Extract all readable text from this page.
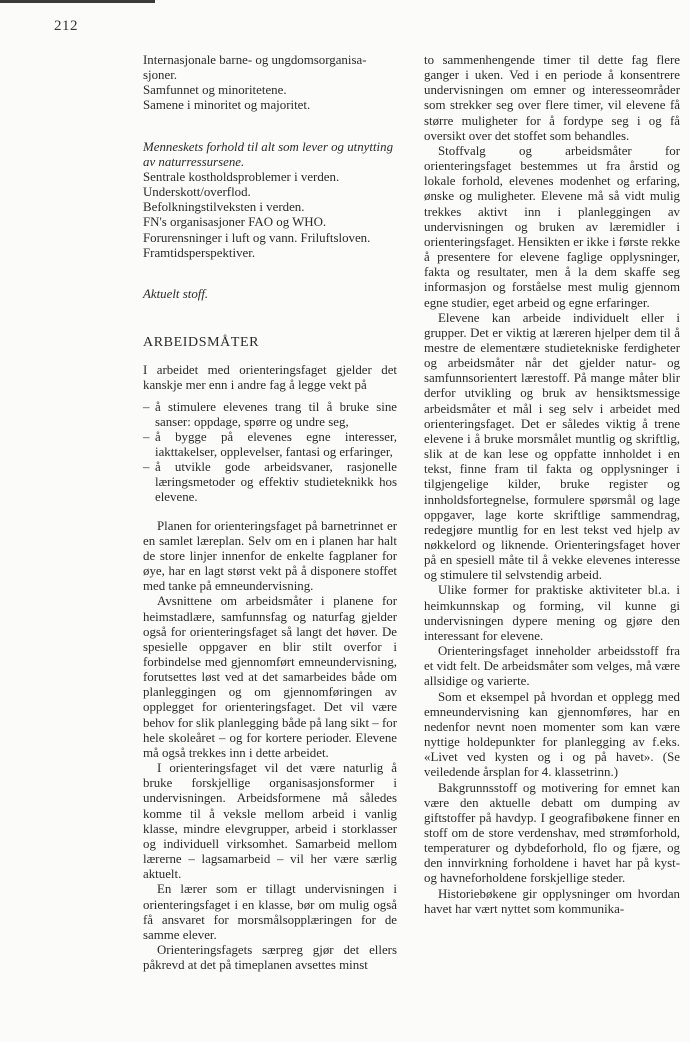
212
Internasjonale barne- og ungdomsorganisa-sjoner.
Samfunnet og minoritetene.
Samene i minoritet og majoritet.

Menneskets forhold til alt som lever og utnytting av naturressursene.

Sentrale kostholdsproblemer i verden.
Underskott/overflod.
Befolkningstilveksten i verden.
FN's organisasjoner FAO og WHO.
Forurensninger i luft og vann. Friluftsloven.
Framtidsperspektiver.

Aktuelt stoff.

ARBEIDSMÅTER

I arbeidet med orienteringsfaget gjelder det kanskje mer enn i andre fag å legge vekt på

– å stimulere elevenes trang til å bruke sine sanser: oppdage, spørre og undre seg,
– å bygge på elevenes egne interesser, iakttakelser, opplevelser, fantasi og erfaringer,
– å utvikle gode arbeidsvaner, rasjonelle læringsmetoder og effektiv studieteknikk hos elevene.

Planen for orienteringsfaget på barnetrinnet er en samlet læreplan. Selv om en i planen har halt de store linjer innenfor de enkelte fagplaner for øye, har en lagt størst vekt på å disponere stoffet med tanke på emneundervisning.

Avsnittene om arbeidsmåter i planene for heimstadlære, samfunnsfag og naturfag gjelder også for orienteringsfaget så langt det høver. De spesielle oppgaver en blir stilt overfor i forbindelse med gjennomført emneundervisning, forutsettes løst ved at det samarbeides både om planleggingen og om gjennomføringen av opplegget for orienteringsfaget. Det vil være behov for slik planlegging både på lang sikt – for hele skoleåret – og for kortere perioder. Elevene må også trekkes inn i dette arbeidet.

I orienteringsfaget vil det være naturlig å bruke forskjellige organisasjonsformer i undervisningen. Arbeidsformene må således komme til å veksle mellom arbeid i vanlig klasse, mindre elevgrupper, arbeid i storklasser og individuell virksomhet. Samarbeid mellom lærerne – lagsamarbeid – vil her være særlig aktuelt.

En lærer som er tillagt undervisningen i orienteringsfaget i en klasse, bør om mulig også få ansvaret for morsmålsopplæringen for de samme elever.

Orienteringsfagets særpreg gjør det ellers påkrevd at det på timeplanen avsettes minst

to sammenhengende timer til dette fag flere ganger i uken. Ved i en periode å konsentrere undervisningen om emner og interesseområder som strekker seg over flere timer, vil elevene få større muligheter for å fordype seg i og få oversikt over det stoffet som behandles.

Stoffvalg og arbeidsmåter for orienteringsfaget bestemmes ut fra årstid og lokale forhold, elevenes modenhet og erfaring, ønske og muligheter. Elevene må så vidt mulig trekkes aktivt inn i planleggingen av undervisningen og bruken av læremidler i orienteringsfaget. Hensikten er ikke i første rekke å presentere for elevene faglige opplysninger, fakta og resultater, men å la dem skaffe seg informasjon og forståelse mest mulig gjennom egne studier, eget arbeid og egne erfaringer.

Elevene kan arbeide individuelt eller i grupper. Det er viktig at læreren hjelper dem til å mestre de elementære studietekniske ferdigheter og arbeidsmåter når det gjelder natur- og samfunnsorientert lærestoff. På mange måter blir derfor utvikling og bruk av hensiktsmessige arbeidsmåter et mål i seg selv i arbeidet med orienteringsfaget. Det er således viktig å trene elevene i å bruke morsmålet muntlig og skriftlig, slik at de kan lese og oppfatte innholdet i en tekst, finne fram til fakta og opplysninger i tilgjengelige kilder, bruke register og innholdsfortegnelse, formulere spørsmål og lage oppgaver, lage korte skriftlige sammendrag, redegjøre muntlig for en lest tekst ved hjelp av nøkkelord og liknende. Orienteringsfaget hover på en spesiell måte til å vekke elevenes interesse og stimulere til selvstendig arbeid.

Ulike former for praktiske aktiviteter bl.a. i heimkunnskap og forming, vil kunne gi undervisningen dypere mening og gjøre den interessant for elevene.

Orienteringsfaget inneholder arbeidsstoff fra et vidt felt. De arbeidsmåter som velges, må være allsidige og varierte.

Som et eksempel på hvordan et opplegg med emneundervisning kan gjennomføres, har en nedenfor nevnt noen momenter som kan være nyttige holdepunkter for planlegging av f.eks. «Livet ved kysten og i og på havet». (Se veiledende årsplan for 4. klassetrinn.)

Bakgrunnsstoff og motivering for emnet kan være den aktuelle debatt om dumping av giftstoffer på havdyp. I geografibøkene finner en stoff om de store verdenshav, med strømforhold, temperaturer og dybdeforhold, flo og fjære, og den innvirkning forholdene i havet har på kyst- og havneforholdene forskjellige steder.

Historiebøkene gir opplysninger om hvordan havet har vært nyttet som kommunika-
